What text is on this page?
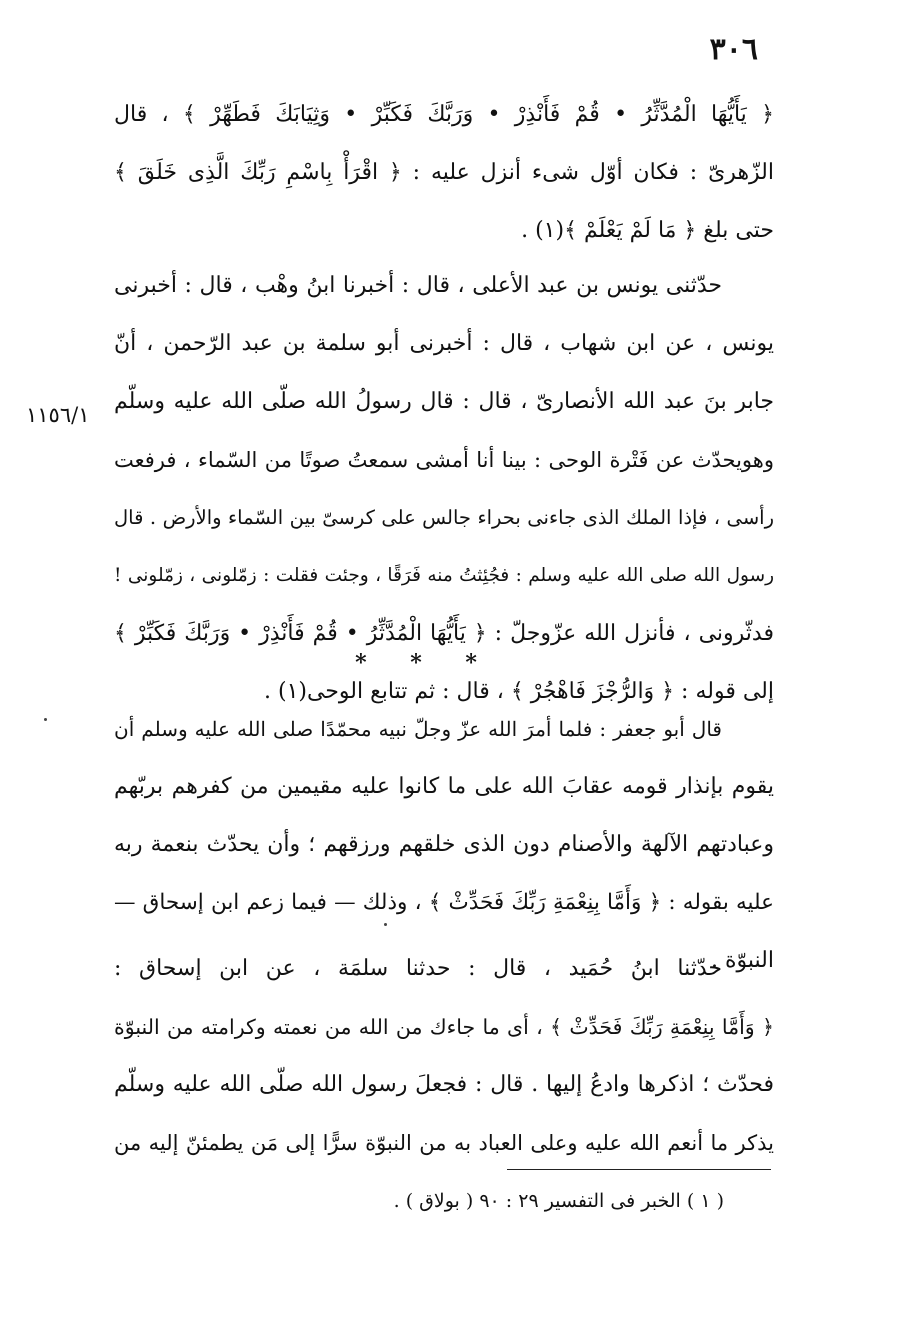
٣٠٦
﴿ يَأَيُّهَا الْمُدَّثِّرُ • قُمْ فَأَنْذِرْ • وَرَبَّكَ فَكَبِّرْ • وَثِيَابَكَ فَطَهِّرْ ﴾ ، قال
الزّهرىّ : فكان أوّل شىء أنزل عليه : ﴿ اقْرَأْ بِاسْمِ رَبِّكَ الَّذِى خَلَقَ ﴾
حتى بلغ ﴿ مَا لَمْ يَعْلَمْ ﴾(١) .
حدّثنى يونس بن عبد الأعلى ، قال : أخبرنا ابنُ وهْب ، قال : أخبرنى
يونس ، عن ابن شهاب ، قال : أخبرنى أبو سلمة بن عبد الرّحمن ، أنّ
جابر بنَ عبد الله الأنصارىّ ، قال : قال رسولُ الله صلّى الله عليه وسلّم
وهويحدّث عن فَتْرة الوحى : بينا أنا أمشى سمعتُ صوتًا من السّماء ، فرفعت
رأسى ، فإذا الملك الذى جاءنى بحراء جالس على كرسىّ بين السّماء والأرض . قال
رسول الله صلى الله عليه وسلم : فجُئِثتُ منه فَرَقًا ، وجئت فقلت : زمّلونى ، زمّلونى !
فدثّرونى ، فأنزل الله عزّوجلّ : ﴿ يَأَيُّهَا الْمُدَّثِّرُ • قُمْ فَأَنْذِرْ • وَرَبَّكَ فَكَبِّرْ ﴾
إلى قوله : ﴿ وَالرُّجْزَ فَاهْجُرْ ﴾ ، قال : ثم تتابع الوحى(١) .
١١٥٦/١
* * *
قال أبو جعفر : فلما أمرَ الله عزّ وجلّ نبيه محمّدًا صلى الله عليه وسلم أن
يقوم بإنذار قومه عقابَ الله على ما كانوا عليه مقيمين من كفرهم بربّهم
وعبادتهم الآلهة والأصنام دون الذى خلقهم ورزقهم ؛ وأن يحدّث بنعمة ربه
عليه بقوله : ﴿ وَأَمَّا بِنِعْمَةِ رَبِّكَ فَحَدِّثْ ﴾ ، وذلك — فيما زعم ابن إسحاق —
النبوّة .
حدّثنا ابنُ حُمَيد ، قال : حدثنا سلمَة ، عن ابن إسحاق :
﴿ وَأَمَّا بِنِعْمَةِ رَبِّكَ فَحَدِّثْ ﴾ ، أى ما جاءك من الله من نعمته وكرامته من النبوّة
فحدّث ؛ اذكرها وادعُ إليها . قال : فجعلَ رسول الله صلّى الله عليه وسلّم
يذكر ما أنعم الله عليه وعلى العباد به من النبوّة سرًّا إلى مَن يطمئنّ إليه من
( ١ ) الخبر فى التفسير ٢٩ : ٩٠ ( بولاق ) .
